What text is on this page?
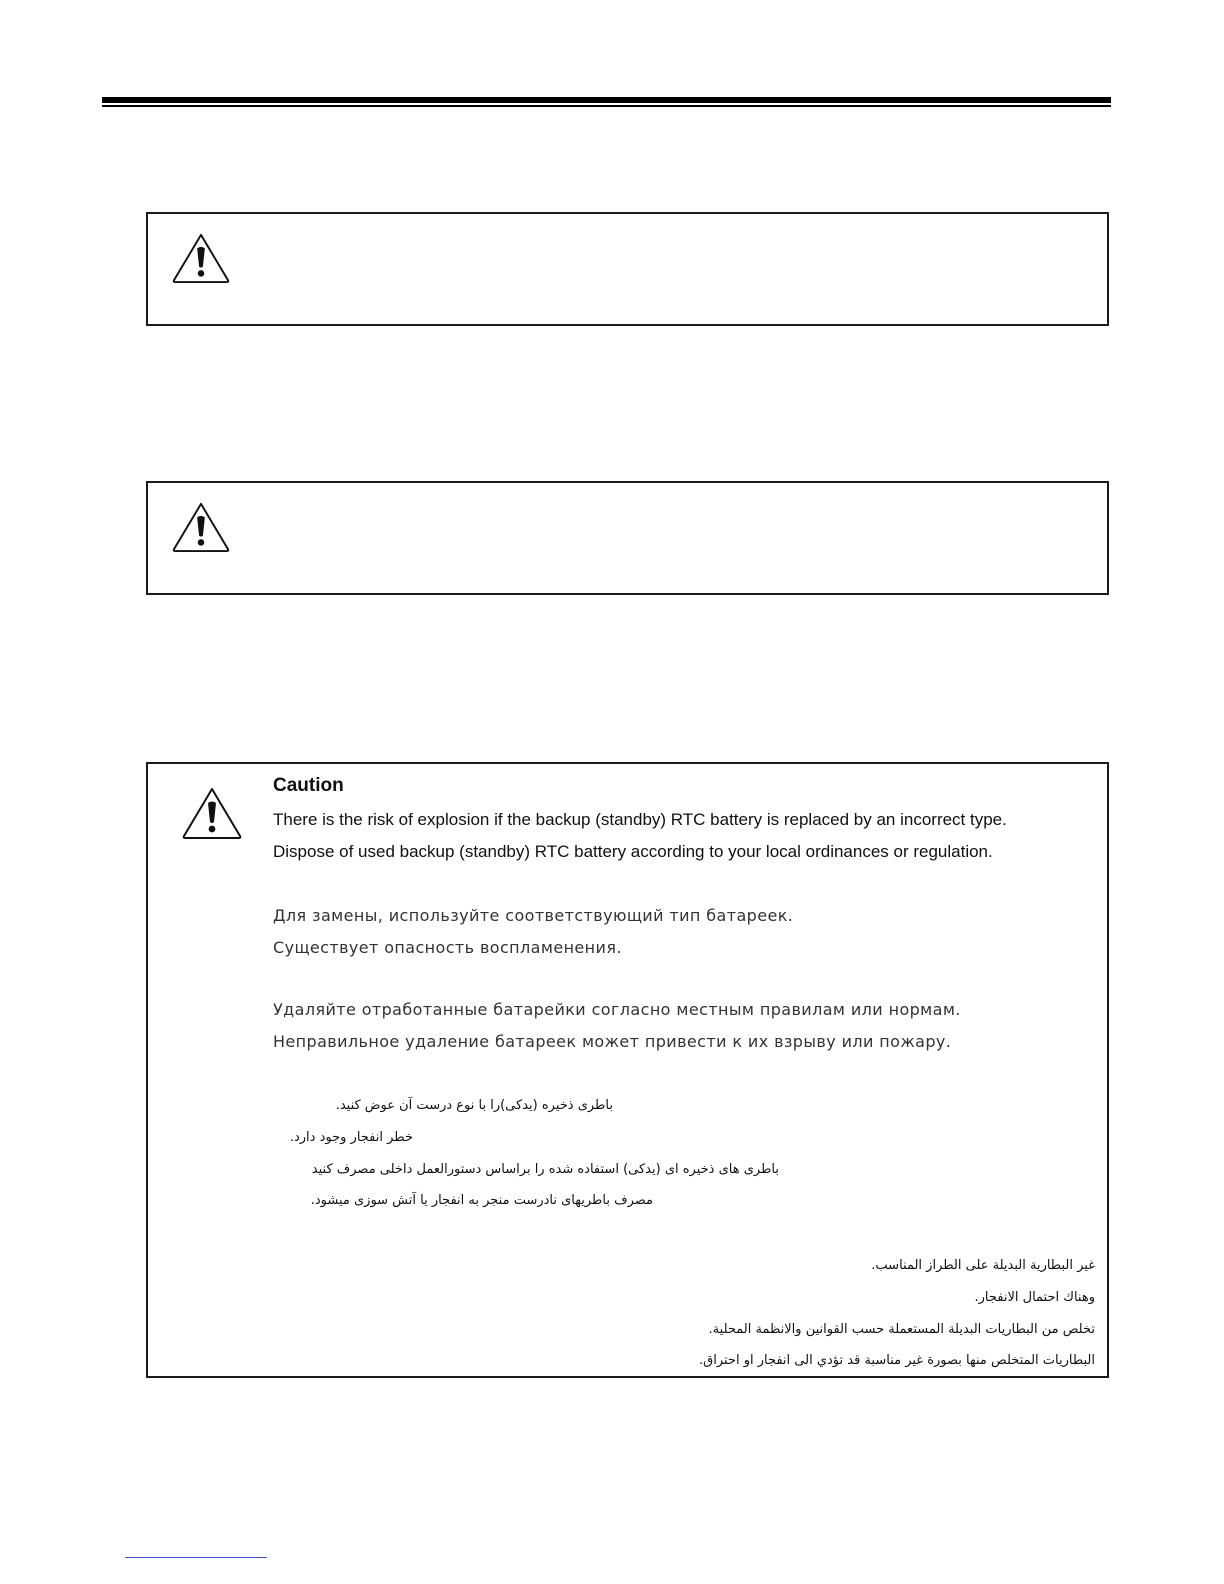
Caution
There is the risk of explosion if the backup (standby) RTC battery is replaced by an incorrect type.
Dispose of used backup (standby) RTC battery according to your local ordinances or regulation.
Для замены, используйте соответствующий тип батареек.
Существует опасность воспламенения.
Удаляйте отработанные батарейки согласно местным правилам или нормам.
Неправильное удаление батареек может привести к их взрыву или пожару.
باطری ذخیره (یدکی)را با نوع درست آن عوض کنید.
خطر انفجار وجود دارد.
باطری های ذخیره ای (یدکی) استفاده شده را براساس دستورالعمل داخلی مصرف کنید
مصرف باطریهای نادرست منجر به انفجار یا آتش سوزی میشود.
غير البطارية البديلة على الطراز المناسب.
وهناك احتمال الانفجار.
تخلص من البطاريات البديلة المستعملة حسب القوانين والانظمة المحلية.
البطاريات المتخلص منها بصورة غير مناسبة قد تؤدي الى انفجار او احتراق.
